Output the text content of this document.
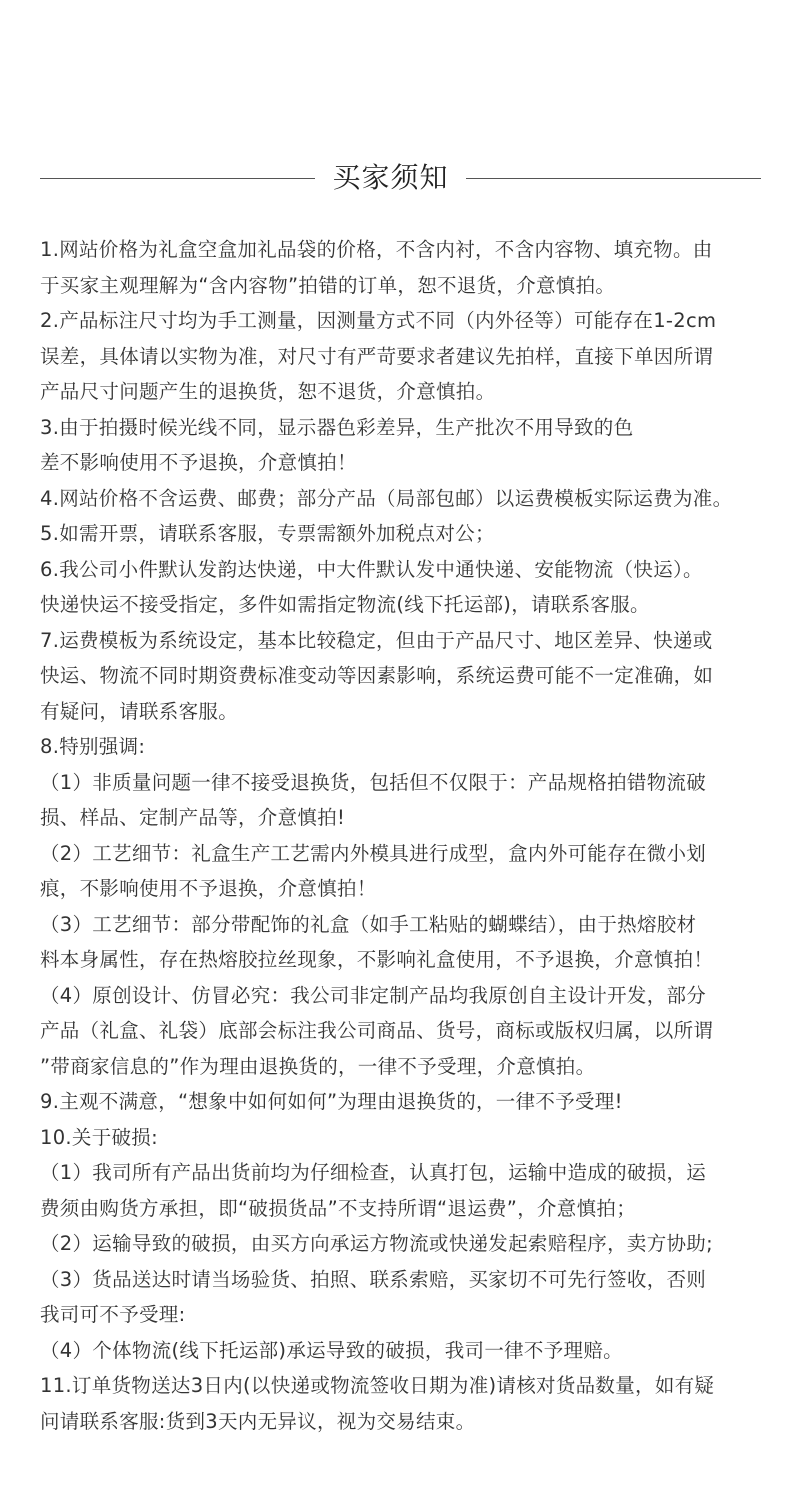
买家须知
1.网站价格为礼盒空盒加礼品袋的价格，不含内衬，不含内容物、填充物。由
于买家主观理解为“含内容物”拍错的订单，恕不退货，介意慎拍。
2.产品标注尺寸均为手工测量，因测量方式不同（内外径等）可能存在1-2cm
误差，具体请以实物为准，对尺寸有严苛要求者建议先拍样，直接下单因所谓
产品尺寸问题产生的退换货，恕不退货，介意慎拍。
3.由于拍摄时候光线不同，显示器色彩差异，生产批次不用导致的色
差不影响使用不予退换，介意慎拍！
4.网站价格不含运费、邮费；部分产品（局部包邮）以运费模板实际运费为准。
5.如需开票，请联系客服，专票需额外加税点对公；
6.我公司小件默认发韵达快递，中大件默认发中通快递、安能物流（快运）。
快递快运不接受指定，多件如需指定物流(线下托运部)，请联系客服。
7.运费模板为系统设定，基本比较稳定，但由于产品尺寸、地区差异、快递或
快运、物流不同时期资费标准变动等因素影响，系统运费可能不一定准确，如
有疑问，请联系客服。
8.特别强调:
（1）非质量问题一律不接受退换货，包括但不仅限于：产品规格拍错物流破
损、样品、定制产品等，介意慎拍!
（2）工艺细节：礼盒生产工艺需内外模具进行成型，盒内外可能存在微小划
痕，不影响使用不予退换，介意慎拍！
（3）工艺细节：部分带配饰的礼盒（如手工粘贴的蝴蝶结），由于热熔胶材
料本身属性，存在热熔胶拉丝现象，不影响礼盒使用，不予退换，介意慎拍！
（4）原创设计、仿冒必究：我公司非定制产品均我原创自主设计开发，部分
产品（礼盒、礼袋）底部会标注我公司商品、货号，商标或版权归属，以所谓
”带商家信息的”作为理由退换货的，一律不予受理，介意慎拍。
9.主观不满意，“想象中如何如何”为理由退换货的，一律不予受理!
10.关于破损:
（1）我司所有产品出货前均为仔细检查，认真打包，运输中造成的破损，运
费须由购货方承担，即“破损货品”不支持所谓“退运费”，介意慎拍；
（2）运输导致的破损，由买方向承运方物流或快递发起索赔程序，卖方协助;
（3）货品送达时请当场验货、拍照、联系索赔，买家切不可先行签收，否则
我司可不予受理:
（4）个体物流(线下托运部)承运导致的破损，我司一律不予理赔。
11.订单货物送达3日内(以快递或物流签收日期为准)请核对货品数量，如有疑
问请联系客服:货到3天内无异议，视为交易结束。
